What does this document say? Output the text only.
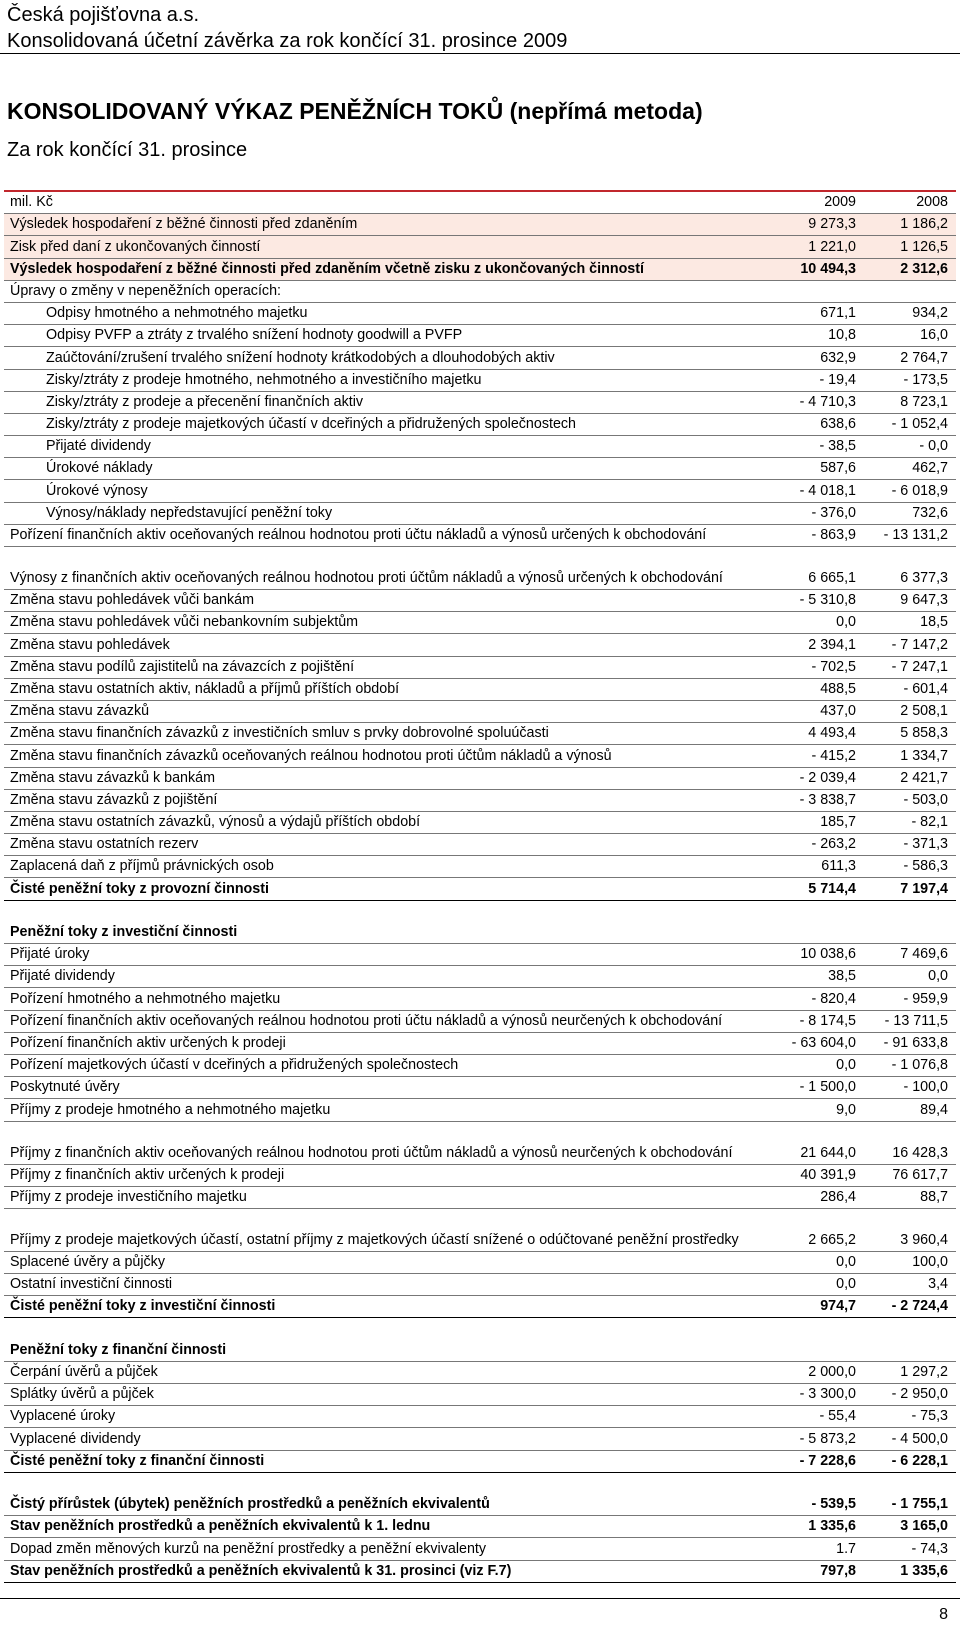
Česká pojišťovna a.s.
Konsolidovaná účetní závěrka za rok končící 31. prosince 2009
KONSOLIDOVANÝ VÝKAZ PENĚŽNÍCH TOKŮ (nepřímá metoda)
Za rok končící 31. prosince
mil. Kč	2009	2008
Výsledek hospodaření z běžné činnosti před zdaněním	9 273,3	1 186,2
Zisk před daní z ukončovaných činností	1 221,0	1 126,5
Výsledek hospodaření z běžné činnosti před zdaněním včetně zisku z ukončovaných činností	10 494,3	2 312,6
Úpravy o změny v nepeněžních operacích:
Odpisy hmotného a nehmotného majetku	671,1	934,2
Odpisy PVFP a ztráty z trvalého snížení hodnoty goodwill a PVFP	10,8	16,0
Zaúčtování/zrušení trvalého snížení hodnoty krátkodobých a dlouhodobých aktiv	632,9	2 764,7
Zisky/ztráty z prodeje hmotného, nehmotného a investičního majetku	- 19,4	- 173,5
Zisky/ztráty z prodeje a přecenění finančních aktiv	- 4 710,3	8 723,1
Zisky/ztráty z prodeje majetkových účastí v dceřiných a přidružených společnostech	638,6	- 1 052,4
Přijaté dividendy	- 38,5	- 0,0
Úrokové náklady	587,6	462,7
Úrokové výnosy	- 4 018,1	- 6 018,9
Výnosy/náklady nepředstavující peněžní toky	- 376,0	732,6
Pořízení finančních aktiv oceňovaných reálnou hodnotou proti účtu nákladů a výnosů určených k obchodování	- 863,9	- 13 131,2
Výnosy z finančních aktiv oceňovaných reálnou hodnotou proti účtům nákladů a výnosů určených k obchodování	6 665,1	6 377,3
Změna stavu pohledávek vůči bankám	- 5 310,8	9 647,3
Změna stavu pohledávek vůči nebankovním subjektům	0,0	18,5
Změna stavu pohledávek	2 394,1	- 7 147,2
Změna stavu podílů zajistitelů na závazcích z pojištění	- 702,5	- 7 247,1
Změna stavu ostatních aktiv, nákladů a příjmů příštích období	488,5	- 601,4
Změna stavu závazků	437,0	2 508,1
Změna stavu finančních závazků z investičních smluv s prvky dobrovolné spoluúčasti	4 493,4	5 858,3
Změna stavu finančních závazků oceňovaných reálnou hodnotou proti účtům nákladů a výnosů	- 415,2	1 334,7
Změna stavu závazků k bankám	- 2 039,4	2 421,7
Změna stavu závazků z pojištění	- 3 838,7	- 503,0
Změna stavu ostatních závazků, výnosů a výdajů příštích období	185,7	- 82,1
Změna stavu ostatních rezerv	- 263,2	- 371,3
Zaplacená daň z příjmů právnických osob	611,3	- 586,3
Čisté peněžní toky z provozní činnosti	5 714,4	7 197,4
Peněžní toky z investiční činnosti
Přijaté úroky	10 038,6	7 469,6
Přijaté dividendy	38,5	0,0
Pořízení hmotného a nehmotného majetku	- 820,4	- 959,9
Pořízení finančních aktiv oceňovaných reálnou hodnotou proti účtu nákladů a výnosů neurčených k obchodování	- 8 174,5	- 13 711,5
Pořízení finančních aktiv určených k prodeji	- 63 604,0	- 91 633,8
Pořízení majetkových účastí v dceřiných a přidružených společnostech	0,0	- 1 076,8
Poskytnuté úvěry	- 1 500,0	- 100,0
Příjmy z prodeje hmotného a nehmotného majetku	9,0	89,4
Příjmy z finančních aktiv oceňovaných reálnou hodnotou proti účtům nákladů a výnosů neurčených k obchodování	21 644,0	16 428,3
Příjmy z finančních aktiv určených k prodeji	40 391,9	76 617,7
Příjmy z prodeje investičního majetku	286,4	88,7
Příjmy z prodeje majetkových účastí, ostatní příjmy z majetkových účastí snížené o odúčtované peněžní prostředky	2 665,2	3 960,4
Splacené úvěry a půjčky	0,0	100,0
Ostatní investiční činnosti	0,0	3,4
Čisté peněžní toky z investiční činnosti	974,7	- 2 724,4
Peněžní toky z finanční činnosti
Čerpání úvěrů a půjček	2 000,0	1 297,2
Splátky úvěrů a půjček	- 3 300,0	- 2 950,0
Vyplacené úroky	- 55,4	- 75,3
Vyplacené dividendy	- 5 873,2	- 4 500,0
Čisté peněžní toky z finanční činnosti	- 7 228,6	- 6 228,1
Čistý přírůstek (úbytek) peněžních prostředků a peněžních ekvivalentů	- 539,5	- 1 755,1
Stav peněžních prostředků a peněžních ekvivalentů k 1. lednu	1 335,6	3 165,0
Dopad změn měnových kurzů na peněžní prostředky a peněžní ekvivalenty	1.7	- 74,3
Stav peněžních prostředků a peněžních ekvivalentů k 31. prosinci (viz F.7)	797,8	1 335,6
8
